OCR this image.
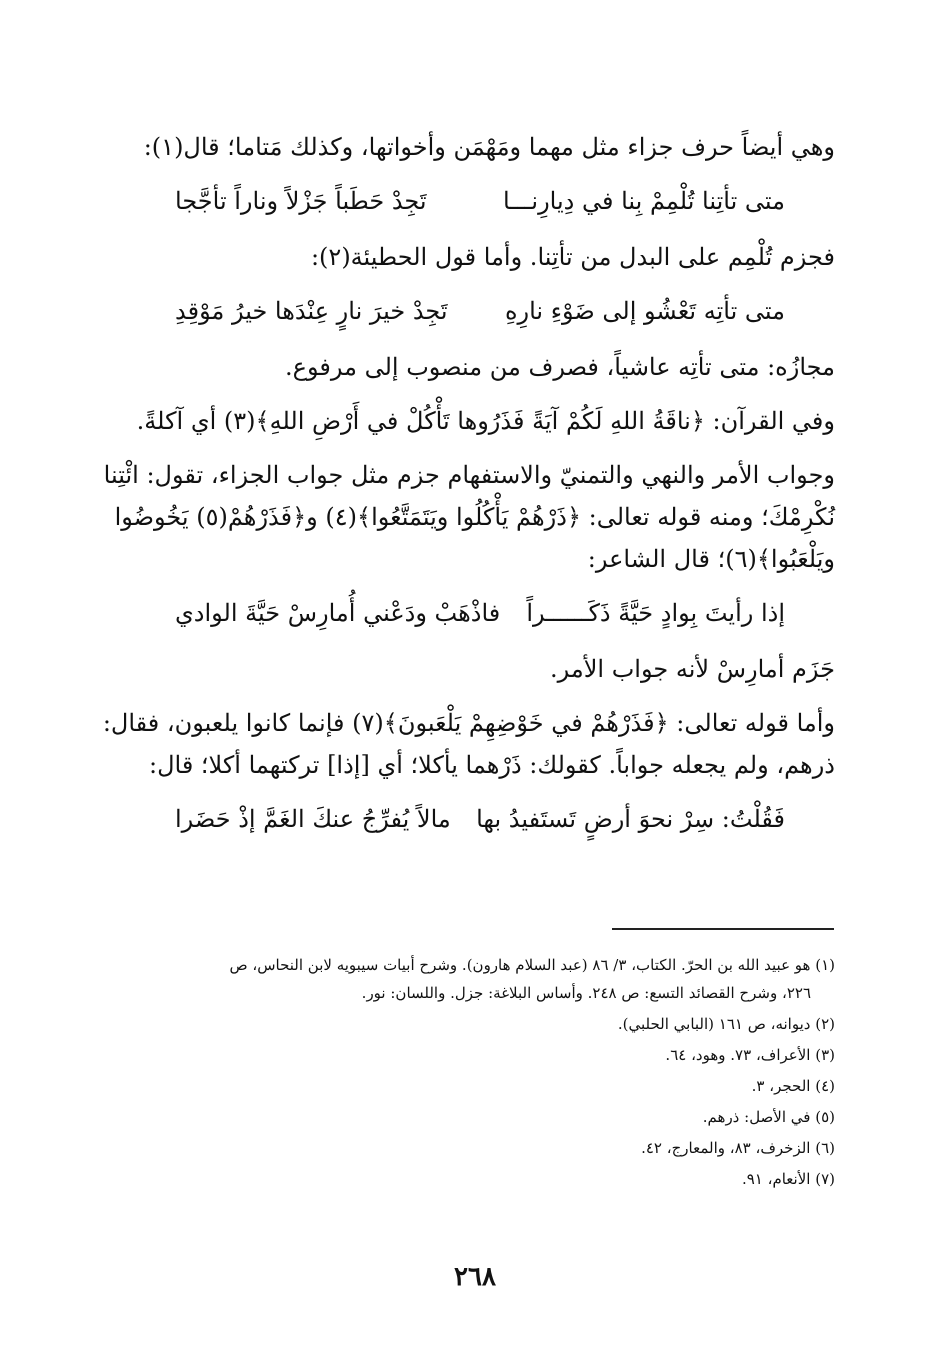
وهي أيضاً حرف جزاء مثل مهما ومَهْمَن وأخواتها، وكذلك مَتاما؛ قال(١):
متى تأتِنا تُلْمِمْ بِنا في دِيارِنـــا
تَجِدْ حَطَباً جَزْلاً وناراً تأجَّجا
فجزم تُلْمِم على البدل من تأتِنا. وأما قول الحطيئة(٢):
متى تأتِه تَعْشُو إلى ضَوْءِ نارِهِ
تَجِدْ خيرَ نارٍ عِنْدَها خيرُ مَوْقِدِ
مجازُه: متى تأتِه عاشياً، فصرف من منصوب إلى مرفوع.
وفي القرآن: ﴿ناقَةُ اللهِ لَكُمْ آيَةً فَذَرُوها تَأْكُلْ في أَرْضِ اللهِ﴾(٣) أي آكلةً.
وجواب الأمر والنهي والتمنيّ والاستفهام جزم مثل جواب الجزاء، تقول: ائْتِنا
نُكْرِمْكَ؛ ومنه قوله تعالى: ﴿ذَرْهُمْ يَأْكُلُوا ويَتَمَتَّعُوا﴾(٤) و﴿فَذَرْهُمْ(٥) يَخُوضُوا
ويَلْعَبُوا﴾(٦)؛ قال الشاعر:
إذا رأيتَ بِوادٍ حَيَّةً ذَكَــــــراً
فاذْهَبْ ودَعْني أُمارِسْ حَيَّةَ الوادي
جَزَم أمارِسْ لأنه جواب الأمر.
وأما قوله تعالى: ﴿فَذَرْهُمْ في خَوْضِهِمْ يَلْعَبونَ﴾(٧) فإنما كانوا يلعبون، فقال:
ذرهم، ولم يجعله جواباً. كقولك: ذَرْهما يأكلا؛ أي [إذا] تركتهما أكلا؛ قال:
فَقُلْتُ: سِرْ نحوَ أرضٍ تَستَفيدُ بها
مالاً يُفرِّجُ عنكَ الغَمَّ إذْ حَضَرا
(١) هو عبيد الله بن الحرّ. الكتاب، ٣/ ٨٦ (عبد السلام هارون). وشرح أبيات سيبويه لابن النحاس، ص
٢٢٦، وشرح القصائد التسع: ص ٢٤٨. وأساس البلاغة: جزل. واللسان: نور.
(٢) ديوانه، ص ١٦١ (البابي الحلبي).
(٣) الأعراف، ٧٣. وهود، ٦٤.
(٤) الحجر، ٣.
(٥) في الأصل: ذرهم.
(٦) الزخرف، ٨٣، والمعارج، ٤٢.
(٧) الأنعام، ٩١.
٢٦٨
